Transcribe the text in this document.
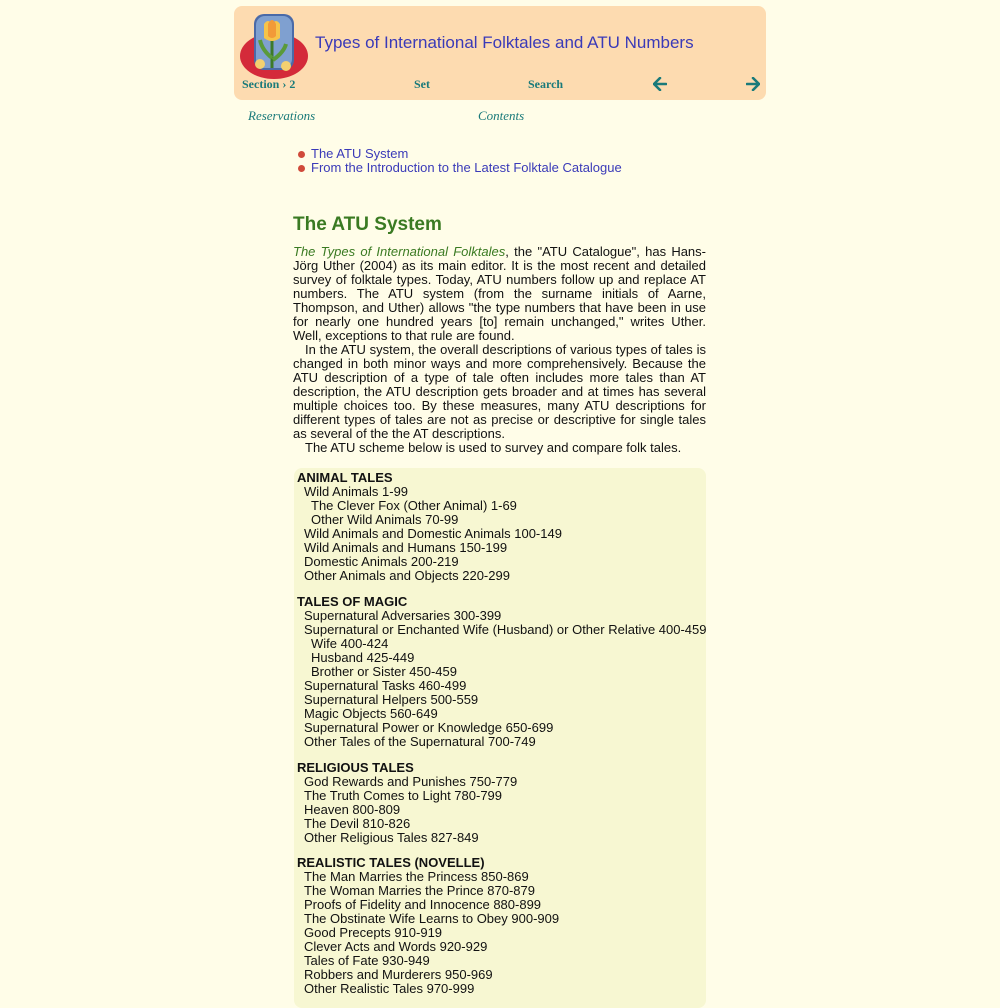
Types of International Folktales and ATU Numbers
Section › 2	Set	Search
Reservations	Contents
The ATU System
From the Introduction to the Latest Folktale Catalogue
The ATU System

The Types of International Folktales, the "ATU Catalogue", has Hans-Jörg Uther (2004) as its main editor. It is the most recent and detailed survey of folktale types. Today, ATU numbers follow up and replace AT numbers. The ATU system (from the surname initials of Aarne, Thompson, and Uther) allows "the type numbers that have been in use for nearly one hundred years [to] remain unchanged," writes Uther. Well, exceptions to that rule are found.

In the ATU system, the overall descriptions of various types of tales is changed in both minor ways and more comprehensively. Because the ATU description of a type of tale often includes more tales than AT description, the ATU description gets broader and at times has several multiple choices too. By these measures, many ATU descriptions for different types of tales are not as precise or descriptive for single tales as several of the the AT descriptions.

The ATU scheme below is used to survey and compare folk tales.

ANIMAL TALES
Wild Animals 1-99
The Clever Fox (Other Animal) 1-69
Other Wild Animals 70-99
Wild Animals and Domestic Animals 100-149
Wild Animals and Humans 150-199
Domestic Animals 200-219
Other Animals and Objects 220-299
TALES OF MAGIC
Supernatural Adversaries 300-399
Supernatural or Enchanted Wife (Husband) or Other Relative 400-459
Wife 400-424
Husband 425-449
Brother or Sister 450-459
Supernatural Tasks 460-499
Supernatural Helpers 500-559
Magic Objects 560-649
Supernatural Power or Knowledge 650-699
Other Tales of the Supernatural 700-749
RELIGIOUS TALES
God Rewards and Punishes 750-779
The Truth Comes to Light 780-799
Heaven 800-809
The Devil 810-826
Other Religious Tales 827-849
REALISTIC TALES (NOVELLE)
The Man Marries the Princess 850-869
The Woman Marries the Prince 870-879
Proofs of Fidelity and Innocence 880-899
The Obstinate Wife Learns to Obey 900-909
Good Precepts 910-919
Clever Acts and Words 920-929
Tales of Fate 930-949
Robbers and Murderers 950-969
Other Realistic Tales 970-999
